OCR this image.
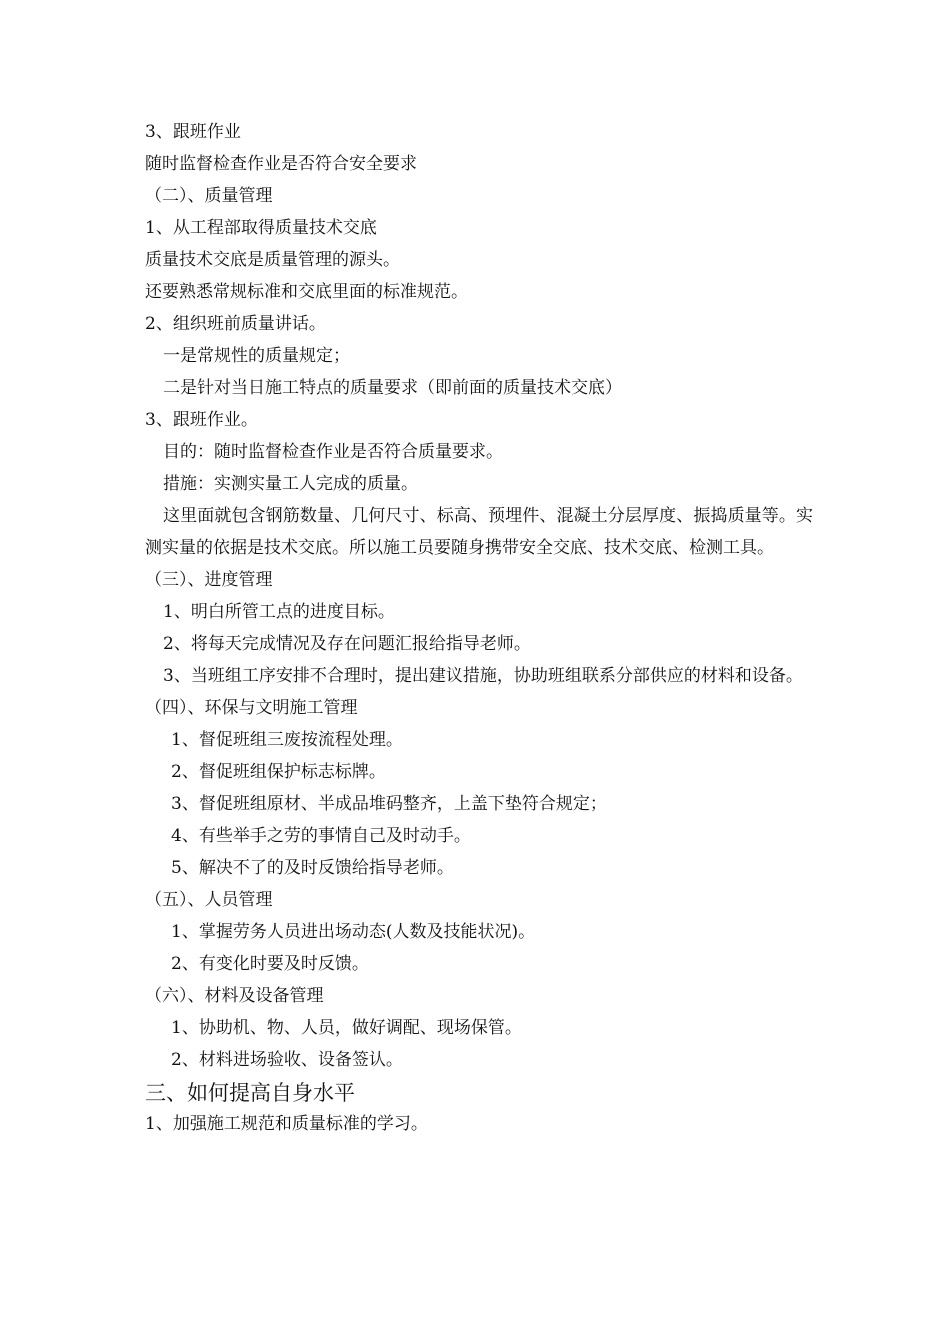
3、跟班作业

随时监督检查作业是否符合安全要求

（二）、质量管理

1、从工程部取得质量技术交底

质量技术交底是质量管理的源头。

还要熟悉常规标准和交底里面的标准规范。

2、组织班前质量讲话。

一是常规性的质量规定；

二是针对当日施工特点的质量要求（即前面的质量技术交底）

3、跟班作业。

目的：随时监督检查作业是否符合质量要求。

措施：实测实量工人完成的质量。

这里面就包含钢筋数量、几何尺寸、标高、预埋件、混凝土分层厚度、振捣质量等。实测实量的依据是技术交底。所以施工员要随身携带安全交底、技术交底、检测工具。

（三）、进度管理

1、明白所管工点的进度目标。

2、将每天完成情况及存在问题汇报给指导老师。

3、当班组工序安排不合理时，提出建议措施，协助班组联系分部供应的材料和设备。

（四）、环保与文明施工管理

1、督促班组三废按流程处理。

2、督促班组保护标志标牌。

3、督促班组原材、半成品堆码整齐，上盖下垫符合规定；

4、有些举手之劳的事情自己及时动手。

5、解决不了的及时反馈给指导老师。

（五）、人员管理

1、掌握劳务人员进出场动态(人数及技能状况)。

2、有变化时要及时反馈。

（六）、材料及设备管理

1、协助机、物、人员，做好调配、现场保管。

2、材料进场验收、设备签认。

三、如何提高自身水平

1、加强施工规范和质量标准的学习。
